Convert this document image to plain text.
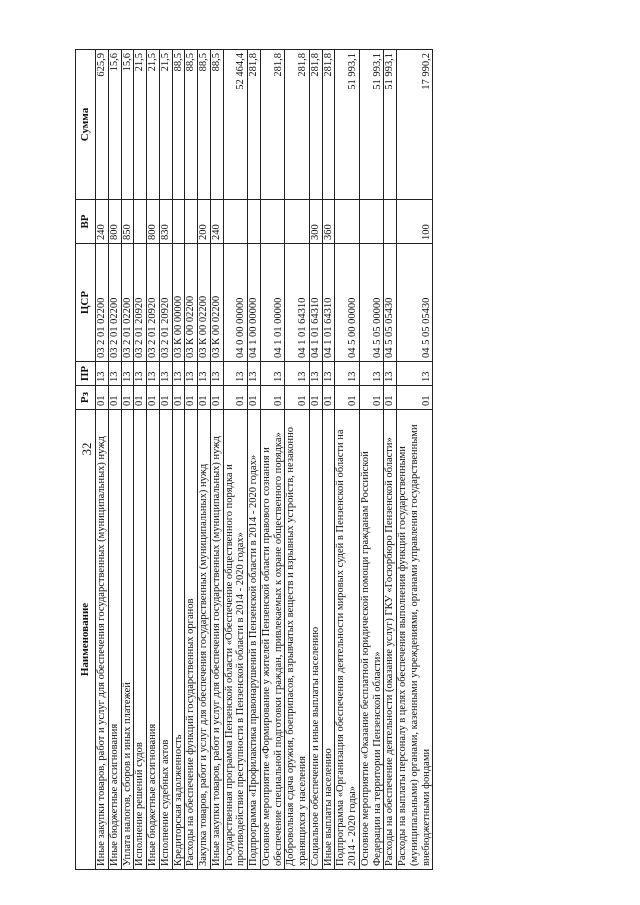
32
Наименование	Рз	ПР	ЦСР	ВР	Сумма
Иные закупки товаров, работ и услуг для обеспечения государственных (муниципальных) нужд	01	13	03 2 01 02200	240	625,9
Иные бюджетные ассигнования	01	13	03 2 01 02200	800	15,6
Уплата налогов, сборов и иных платежей	01	13	03 2 01 02200	850	15,6
Исполнение решений судов	01	13	03 2 01 20920		21,5
Иные бюджетные ассигнования	01	13	03 2 01 20920	800	21,5
Исполнение судебных актов	01	13	03 2 01 20920	830	21,5
Кредиторская задолженность	01	13	03 К 00 00000		88,5
Расходы на обеспечение функций государственных органов	01	13	03 К 00 02200		88,5
Закупка товаров, работ и услуг для обеспечения государственных (муниципальных) нужд	01	13	03 К 00 02200	200	88,5
Иные закупки товаров, работ и услуг для обеспечения государственных (муниципальных) нужд	01	13	03 К 00 02200	240	88,5
Государственная программа Пензенской области «Обеспечение общественного порядка и противодействие преступности в Пензенской области в 2014 - 2020 годах»	01	13	04 0 00 00000		52 464,4
Подпрограмма «Профилактика правонарушений в Пензенской области в 2014 - 2020 годах»	01	13	04 1 00 00000		281,8
Основное мероприятие «Формирование у жителей Пензенской области правового сознания и обеспечение специальной подготовки граждан, привлекаемых к охране общественного порядка»	01	13	04 1 01 00000		281,8
Добровольная сдача оружия, боеприпасов, взрывчатых веществ и взрывных устройств, незаконно хранящихся у населения	01	13	04 1 01 64310		281,8
Социальное обеспечение и иные выплаты населению	01	13	04 1 01 64310	300	281,8
Иные выплаты населению	01	13	04 1 01 64310	360	281,8
Подпрограмма «Организация обеспечения деятельности мировых судей в Пензенской области на 2014 - 2020 годы»	01	13	04 5 00 00000		51 993,1
Основное мероприятие «Оказание бесплатной юридической помощи гражданам Российской Федерации на территории Пензенской области»	01	13	04 5 05 00000		51 993,1
Расходы на обеспечение деятельности (оказание услуг) ГКУ «Госюрбюро Пензенской области»	01	13	04 5 05 05430		51 993,1
Расходы на выплаты персоналу в целях обеспечения выполнения функций государственными (муниципальными) органами, казенными учреждениями, органами управления государственными внебюджетными фондами	01	13	04 5 05 05430	100	17 990,2
